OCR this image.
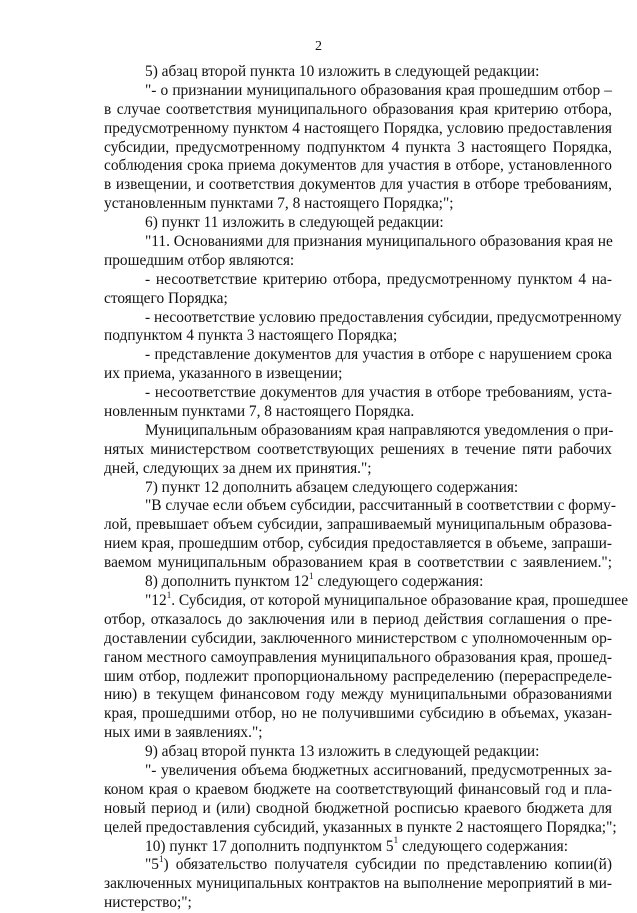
2
5) абзац второй пункта 10 изложить в следующей редакции:
"- о признании муниципального образования края прошедшим отбор –
в случае соответствия муниципального образования края критерию отбора,
предусмотренному пунктом 4 настоящего Порядка, условию предоставления
субсидии, предусмотренному подпунктом 4 пункта 3 настоящего Порядка,
соблюдения срока приема документов для участия в отборе, установленного
в извещении, и соответствия документов для участия в отборе требованиям,
установленным пунктами 7, 8 настоящего Порядка;";
6) пункт 11 изложить в следующей редакции:
"11. Основаниями для признания муниципального образования края не
прошедшим отбор являются:
- несоответствие критерию отбора, предусмотренному пунктом 4 на-
стоящего Порядка;
- несоответствие условию предоставления субсидии, предусмотренному
подпунктом 4 пункта 3 настоящего Порядка;
- представление документов для участия в отборе с нарушением срока
их приема, указанного в извещении;
- несоответствие документов для участия в отборе требованиям, уста-
новленным пунктами 7, 8 настоящего Порядка.
Муниципальным образованиям края направляются уведомления о при-
нятых министерством соответствующих решениях в течение пяти рабочих
дней, следующих за днем их принятия.";
7) пункт 12 дополнить абзацем следующего содержания:
"В случае если объем субсидии, рассчитанный в соответствии с форму-
лой, превышает объем субсидии, запрашиваемый муниципальным образова-
нием края, прошедшим отбор, субсидия предоставляется в объеме, запраши-
ваемом муниципальным образованием края в соответствии с заявлением.";
8) дополнить пунктом $12^1$ следующего содержания:
"$12^1$. Субсидия, от которой муниципальное образование края, прошедшее
отбор, отказалось до заключения или в период действия соглашения о пре-
доставлении субсидии, заключенного министерством с уполномоченным ор-
ганом местного самоуправления муниципального образования края, прошед-
шим отбор, подлежит пропорциональному распределению (перераспределе-
нию) в текущем финансовом году между муниципальными образованиями
края, прошедшими отбор, но не получившими субсидию в объемах, указан-
ных ими в заявлениях.";
9) абзац второй пункта 13 изложить в следующей редакции:
"- увеличения объема бюджетных ассигнований, предусмотренных за-
коном края о краевом бюджете на соответствующий финансовый год и пла-
новый период и (или) сводной бюджетной росписью краевого бюджета для
целей предоставления субсидий, указанных в пункте 2 настоящего Порядка;";
10) пункт 17 дополнить подпунктом $5^1$ следующего содержания:
"$5^1$) обязательство получателя субсидии по представлению копии(й)
заключенных муниципальных контрактов на выполнение мероприятий в ми-
нистерство;";
